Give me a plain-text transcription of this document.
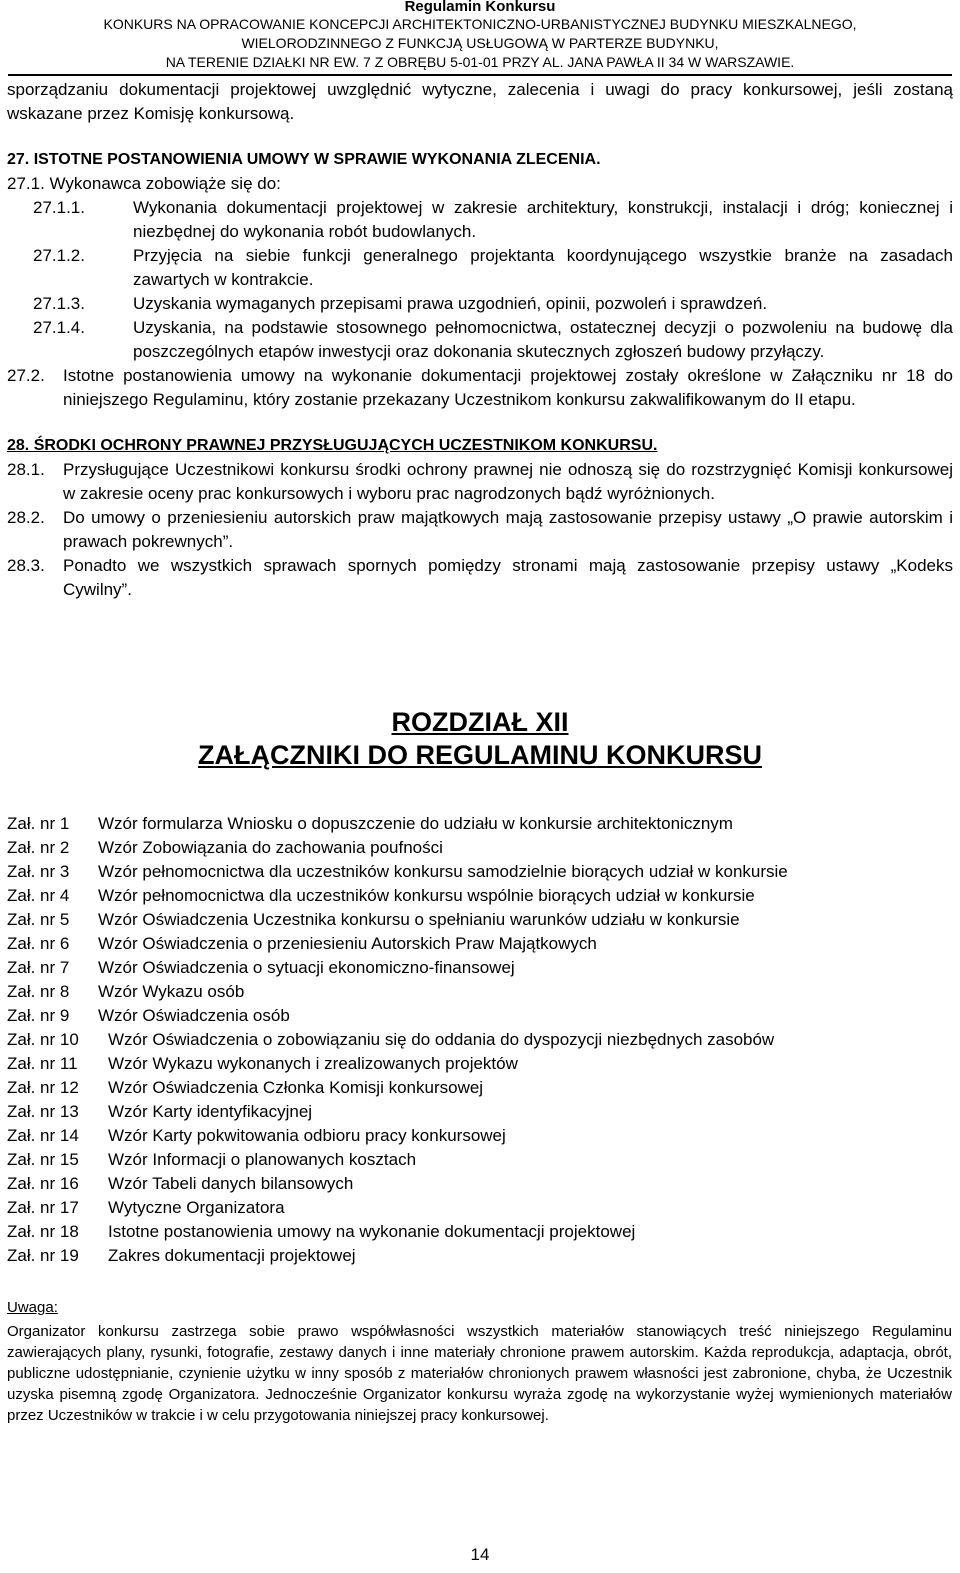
Regulamin Konkursu
KONKURS NA OPRACOWANIE KONCEPCJI ARCHITEKTONICZNO-URBANISTYCZNEJ BUDYNKU MIESZKALNEGO,
WIELORODZINNEGO Z FUNKCJĄ USŁUGOWĄ W PARTERZE BUDYNKU,
NA TERENIE DZIAŁKI NR EW. 7 Z OBRĘBU 5-01-01 PRZY AL. JANA PAWŁA II 34 W WARSZAWIE.
sporządzaniu dokumentacji projektowej uwzględnić wytyczne, zalecenia i uwagi do pracy konkursowej, jeśli zostaną wskazane przez Komisję konkursową.
27. ISTOTNE POSTANOWIENIA UMOWY W SPRAWIE WYKONANIA ZLECENIA.
27.1. Wykonawca zobowiąże się do:
27.1.1.	Wykonania dokumentacji projektowej w zakresie architektury, konstrukcji, instalacji i dróg; koniecznej i niezbędnej do wykonania robót budowlanych.
27.1.2.	Przyjęcia na siebie funkcji generalnego projektanta koordynującego wszystkie branże na zasadach zawartych w kontrakcie.
27.1.3.	Uzyskania wymaganych przepisami prawa uzgodnień, opinii, pozwoleń i sprawdzeń.
27.1.4.	Uzyskania, na podstawie stosownego pełnomocnictwa, ostatecznej decyzji o pozwoleniu na budowę dla poszczególnych etapów inwestycji oraz dokonania skutecznych zgłoszeń budowy przyłączy.
27.2.	Istotne postanowienia umowy na wykonanie dokumentacji projektowej zostały określone w Załączniku nr 18 do niniejszego Regulaminu, który zostanie przekazany Uczestnikom konkursu zakwalifikowanym do II etapu.
28. ŚRODKI OCHRONY PRAWNEJ PRZYSŁUGUJĄCYCH UCZESTNIKOM KONKURSU.
28.1.	Przysługujące Uczestnikowi konkursu środki ochrony prawnej nie odnoszą się do rozstrzygnięć Komisji konkursowej w zakresie oceny prac konkursowych i wyboru prac nagrodzonych bądź wyróżnionych.
28.2.	Do umowy o przeniesieniu autorskich praw majątkowych mają zastosowanie przepisy ustawy „O prawie autorskim i prawach pokrewnych”.
28.3.	Ponadto we wszystkich sprawach spornych pomiędzy stronami mają zastosowanie przepisy ustawy „Kodeks Cywilny”.
ROZDZIAŁ XII
ZAŁĄCZNIKI DO REGULAMINU KONKURSU
Zał. nr 1	Wzór formularza Wniosku o dopuszczenie do udziału w konkursie architektonicznym
Zał. nr 2	Wzór Zobowiązania do zachowania poufności
Zał. nr 3	Wzór pełnomocnictwa dla uczestników konkursu samodzielnie biorących udział w konkursie
Zał. nr 4	Wzór pełnomocnictwa dla uczestników konkursu wspólnie biorących udział w konkursie
Zał. nr 5	Wzór Oświadczenia Uczestnika konkursu o spełnianiu warunków udziału w konkursie
Zał. nr 6	Wzór Oświadczenia o przeniesieniu Autorskich Praw Majątkowych
Zał. nr 7	Wzór Oświadczenia o sytuacji ekonomiczno-finansowej
Zał. nr 8	Wzór Wykazu osób
Zał. nr 9	Wzór Oświadczenia osób
Zał. nr 10	Wzór Oświadczenia o zobowiązaniu się do oddania do dyspozycji niezbędnych zasobów
Zał. nr 11	Wzór Wykazu wykonanych i zrealizowanych projektów
Zał. nr 12	Wzór Oświadczenia Członka Komisji konkursowej
Zał. nr 13	Wzór Karty identyfikacyjnej
Zał. nr 14	Wzór Karty pokwitowania odbioru pracy konkursowej
Zał. nr 15	Wzór Informacji o planowanych kosztach
Zał. nr 16	Wzór Tabeli danych bilansowych
Zał. nr 17	Wytyczne Organizatora
Zał. nr 18	Istotne postanowienia umowy na wykonanie dokumentacji projektowej
Zał. nr 19	Zakres dokumentacji projektowej
Uwaga:
Organizator konkursu zastrzega sobie prawo współwłasności wszystkich materiałów stanowiących treść niniejszego Regulaminu zawierających plany, rysunki, fotografie, zestawy danych i inne materiały chronione prawem autorskim. Każda reprodukcja, adaptacja, obrót, publiczne udostępnianie, czynienie użytku w inny sposób z materiałów chronionych prawem własności jest zabronione, chyba, że Uczestnik uzyska pisemną zgodę Organizatora. Jednocześnie Organizator konkursu wyraża zgodę na wykorzystanie wyżej wymienionych materiałów przez Uczestników w trakcie i w celu przygotowania niniejszej pracy konkursowej.
14
